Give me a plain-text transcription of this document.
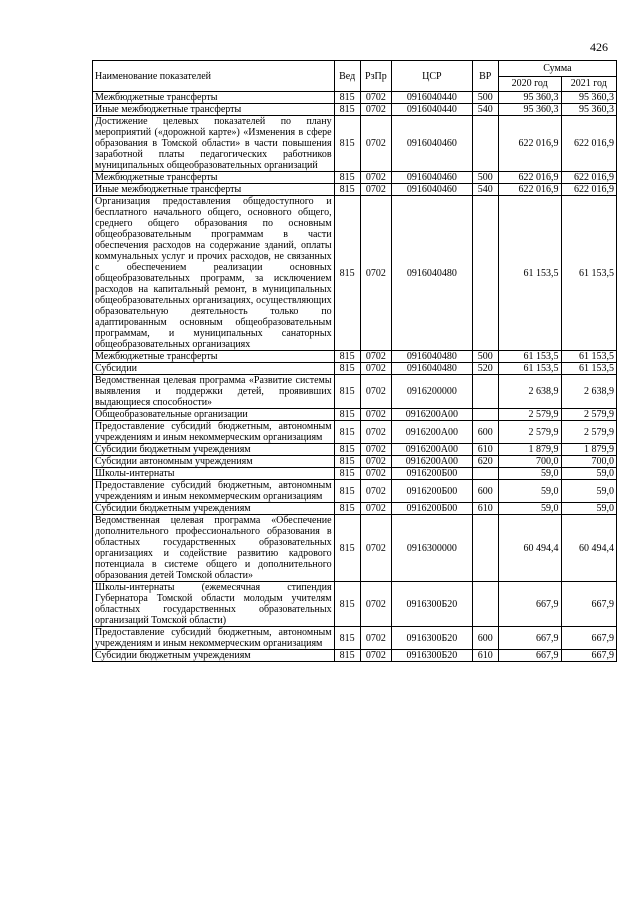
426
Наименование показателей	Вед	РзПр	ЦСР	ВР	Сумма	
					2020 год	2021 год
Межбюджетные трансферты	815	0702	0916040440	500	95 360,3	95 360,3
Иные межбюджетные трансферты	815	0702	0916040440	540	95 360,3	95 360,3
Достижение целевых показателей по плану мероприятий («дорожной карте») «Изменения в сфере образования в Томской области» в части повышения заработной платы педагогических работников муниципальных общеобразовательных организаций	815	0702	0916040460		622 016,9	622 016,9
Межбюджетные трансферты	815	0702	0916040460	500	622 016,9	622 016,9
Иные межбюджетные трансферты	815	0702	0916040460	540	622 016,9	622 016,9
Организация предоставления общедоступного и бесплатного начального общего, основного общего, среднего общего образования по основным общеобразовательным программам в части обеспечения расходов на содержание зданий, оплаты коммунальных услуг и прочих расходов, не связанных с обеспечением реализации основных общеобразовательных программ, за исключением расходов на капитальный ремонт, в муниципальных общеобразовательных организациях, осуществляющих образовательную деятельность только по адаптированным основным общеобразовательным программам, и муниципальных санаторных общеобразовательных организациях	815	0702	0916040480		61 153,5	61 153,5
Межбюджетные трансферты	815	0702	0916040480	500	61 153,5	61 153,5
Субсидии	815	0702	0916040480	520	61 153,5	61 153,5
Ведомственная целевая программа «Развитие системы выявления и поддержки детей, проявивших выдающиеся способности»	815	0702	0916200000		2 638,9	2 638,9
Общеобразовательные организации	815	0702	0916200А00		2 579,9	2 579,9
Предоставление субсидий бюджетным, автономным учреждениям и иным некоммерческим организациям	815	0702	0916200А00	600	2 579,9	2 579,9
Субсидии бюджетным учреждениям	815	0702	0916200А00	610	1 879,9	1 879,9
Субсидии автономным учреждениям	815	0702	0916200А00	620	700,0	700,0
Школы-интернаты	815	0702	0916200Б00		59,0	59,0
Предоставление субсидий бюджетным, автономным учреждениям и иным некоммерческим организациям	815	0702	0916200Б00	600	59,0	59,0
Субсидии бюджетным учреждениям	815	0702	0916200Б00	610	59,0	59,0
Ведомственная целевая программа «Обеспечение дополнительного профессионального образования в областных государственных образовательных организациях и содействие развитию кадрового потенциала в системе общего и дополнительного образования детей Томской области»	815	0702	0916300000		60 494,4	60 494,4
Школы-интернаты (ежемесячная стипендия Губернатора Томской области молодым учителям областных государственных образовательных организаций Томской области)	815	0702	0916300Б20		667,9	667,9
Предоставление субсидий бюджетным, автономным учреждениям и иным некоммерческим организациям	815	0702	0916300Б20	600	667,9	667,9
Субсидии бюджетным учреждениям	815	0702	0916300Б20	610	667,9	667,9
